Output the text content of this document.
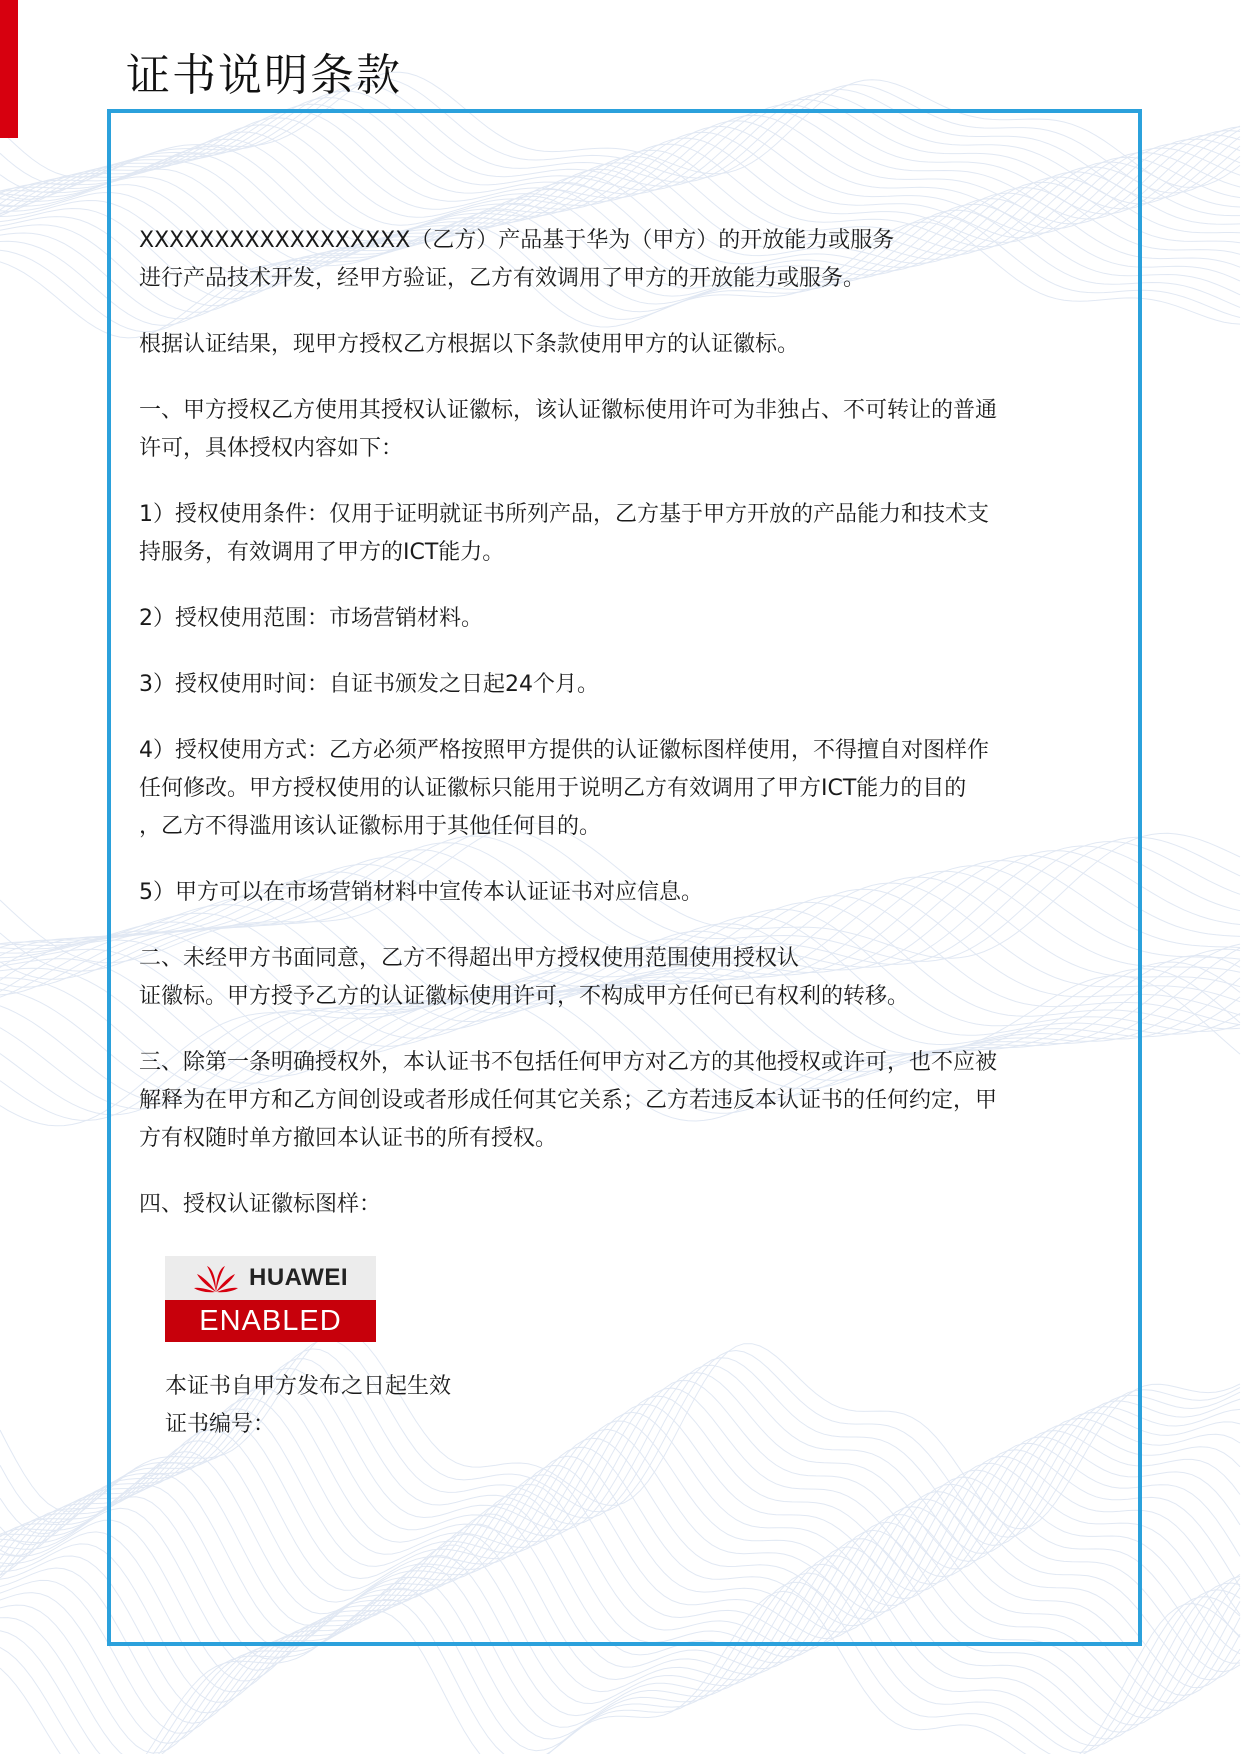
证书说明条款

XXXXXXXXXXXXXXXXXX（乙方）产品基于华为（甲方）的开放能力或服务
进行产品技术开发，经甲方验证，乙方有效调用了甲方的开放能力或服务。

根据认证结果，现甲方授权乙方根据以下条款使用甲方的认证徽标。

一、甲方授权乙方使用其授权认证徽标，该认证徽标使用许可为非独占、不可转让的普通
许可，具体授权内容如下：

1）授权使用条件：仅用于证明就证书所列产品，乙方基于甲方开放的产品能力和技术支
持服务，有效调用了甲方的ICT能力。

2）授权使用范围：市场营销材料。

3）授权使用时间：自证书颁发之日起24个月。

4）授权使用方式：乙方必须严格按照甲方提供的认证徽标图样使用，不得擅自对图样作
任何修改。甲方授权使用的认证徽标只能用于说明乙方有效调用了甲方ICT能力的目的
，乙方不得滥用该认证徽标用于其他任何目的。

5）甲方可以在市场营销材料中宣传本认证证书对应信息。

二、未经甲方书面同意，乙方不得超出甲方授权使用范围使用授权认
证徽标。甲方授予乙方的认证徽标使用许可，不构成甲方任何已有权利的转移。

三、除第一条明确授权外，本认证书不包括任何甲方对乙方的其他授权或许可，也不应被
解释为在甲方和乙方间创设或者形成任何其它关系；乙方若违反本认证书的任何约定，甲
方有权随时单方撤回本认证书的所有授权。

四、授权认证徽标图样：

HUAWEI
ENABLED
本证书自甲方发布之日起生效
证书编号：
